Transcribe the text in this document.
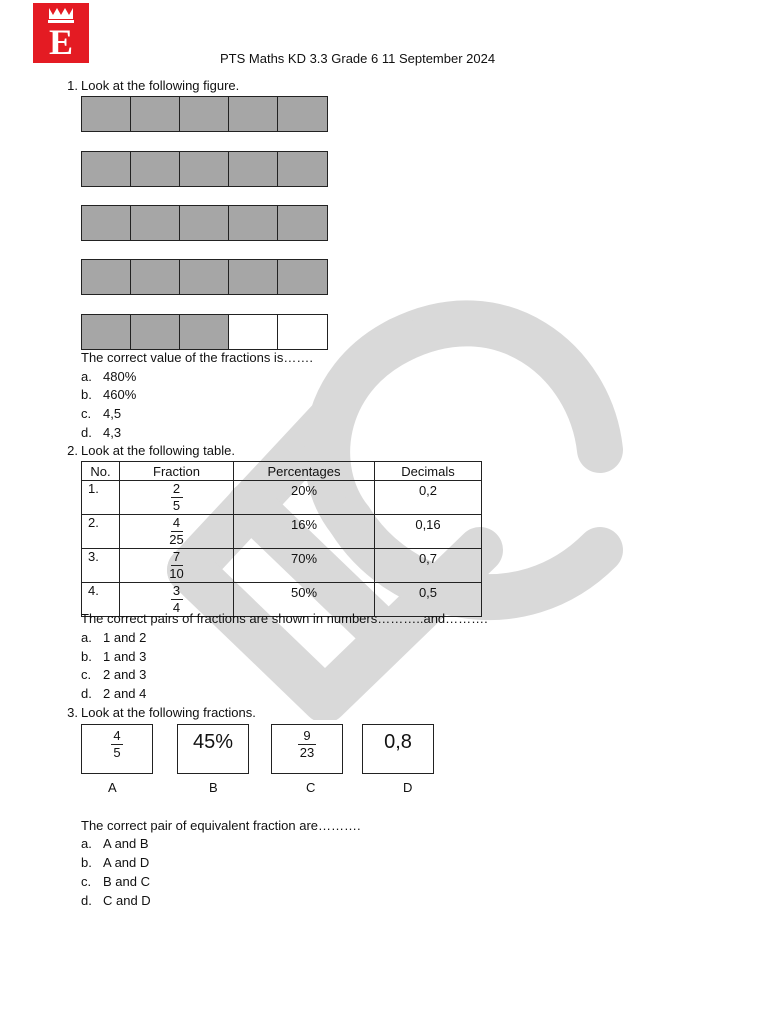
E	PTS Maths KD 3.3 Grade 6 11 September 2024
1. Look at the following figure.
The correct value of the fractions is…….
a. 480%
b. 460%
c. 4,5
d. 4,3
2. Look at the following table.
No.	Fraction	Percentages	Decimals
1.	$\frac{2}{5}$	20%	0,2
2.	$\frac{4}{25}$	16%	0,16
3.	$\frac{7}{10}$	70%	0,7
4.	$\frac{3}{4}$	50%	0,5
The correct pairs of fractions are shown in numbers………..and……….
a. 1 and 2
b. 1 and 3
c. 2 and 3
d. 2 and 4
3. Look at the following fractions.
$\frac{4}{5}$	45%	$\frac{9}{23}$	0,8
A	B	C	D
The correct pair of equivalent fraction are……….
a. A and B
b. A and D
c. B and C
d. C and D
